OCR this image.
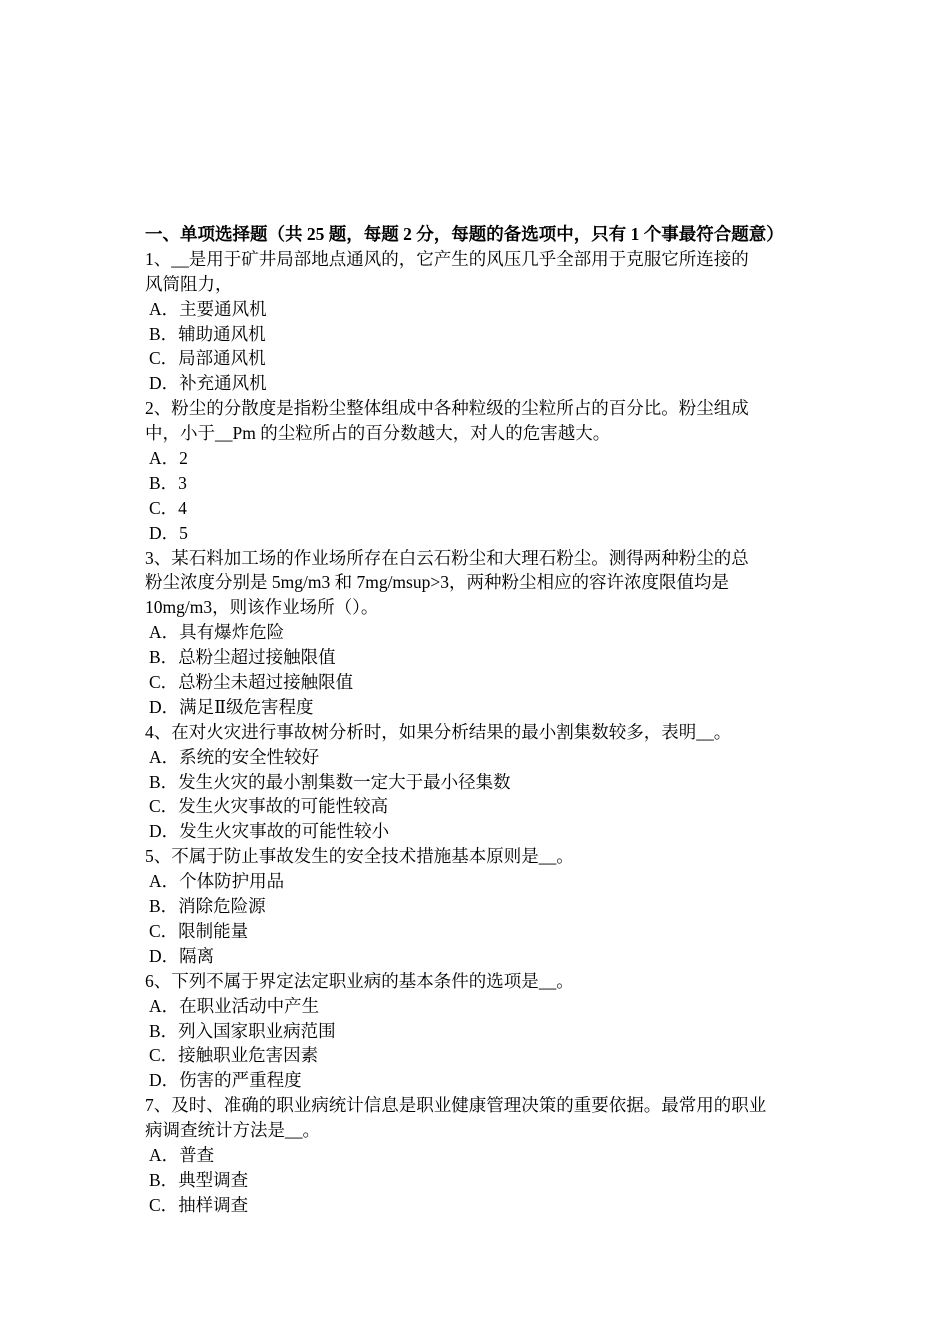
一、单项选择题（共 25 题，每题 2 分，每题的备选项中，只有 1 个事最符合题意）
1、__是用于矿井局部地点通风的，它产生的风压几乎全部用于克服它所连接的
风筒阻力，
A．主要通风机
B．辅助通风机
C．局部通风机
D．补充通风机
2、粉尘的分散度是指粉尘整体组成中各种粒级的尘粒所占的百分比。粉尘组成
中，小于__Pm 的尘粒所占的百分数越大，对人的危害越大。
A．2
B．3
C．4
D．5
3、某石料加工场的作业场所存在白云石粉尘和大理石粉尘。测得两种粉尘的总
粉尘浓度分别是 5mg/m3 和 7mg/msup>3，两种粉尘相应的容许浓度限值均是
10mg/m3，则该作业场所（）。
A．具有爆炸危险
B．总粉尘超过接触限值
C．总粉尘未超过接触限值
D．满足Ⅱ级危害程度
4、在对火灾进行事故树分析时，如果分析结果的最小割集数较多，表明__。
A．系统的安全性较好
B．发生火灾的最小割集数一定大于最小径集数
C．发生火灾事故的可能性较高
D．发生火灾事故的可能性较小
5、不属于防止事故发生的安全技术措施基本原则是__。
A．个体防护用品
B．消除危险源
C．限制能量
D．隔离
6、下列不属于界定法定职业病的基本条件的选项是__。
A．在职业活动中产生
B．列入国家职业病范围
C．接触职业危害因素
D．伤害的严重程度
7、及时、准确的职业病统计信息是职业健康管理决策的重要依据。最常用的职业
病调查统计方法是__。
A．普查
B．典型调查
C．抽样调查
